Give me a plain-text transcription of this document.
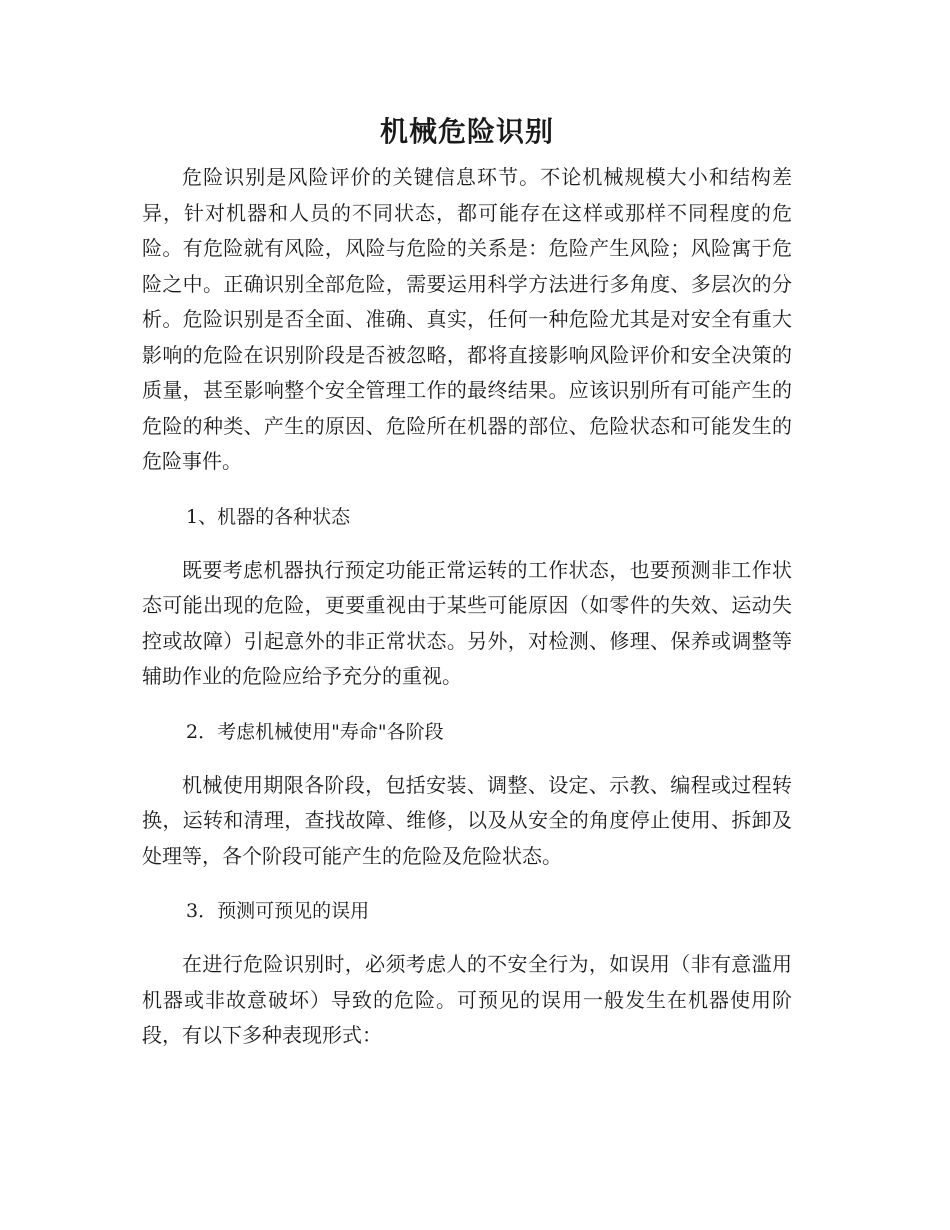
机械危险识别

危险识别是风险评价的关键信息环节。不论机械规模大小和结构差异，针对机器和人员的不同状态，都可能存在这样或那样不同程度的危险。有危险就有风险，风险与危险的关系是：危险产生风险；风险寓于危险之中。正确识别全部危险，需要运用科学方法进行多角度、多层次的分析。危险识别是否全面、准确、真实，任何一种危险尤其是对安全有重大影响的危险在识别阶段是否被忽略，都将直接影响风险评价和安全决策的质量，甚至影响整个安全管理工作的最终结果。应该识别所有可能产生的危险的种类、产生的原因、危险所在机器的部位、危险状态和可能发生的危险事件。

1、机器的各种状态

既要考虑机器执行预定功能正常运转的工作状态，也要预测非工作状态可能出现的危险，更要重视由于某些可能原因（如零件的失效、运动失控或故障）引起意外的非正常状态。另外，对检测、修理、保养或调整等辅助作业的危险应给予充分的重视。

2．考虑机械使用"寿命"各阶段

机械使用期限各阶段，包括安装、调整、设定、示教、编程或过程转换，运转和清理，查找故障、维修，以及从安全的角度停止使用、拆卸及处理等，各个阶段可能产生的危险及危险状态。

3．预测可预见的误用

在进行危险识别时，必须考虑人的不安全行为，如误用（非有意滥用机器或非故意破坏）导致的危险。可预见的误用一般发生在机器使用阶段，有以下多种表现形式：
